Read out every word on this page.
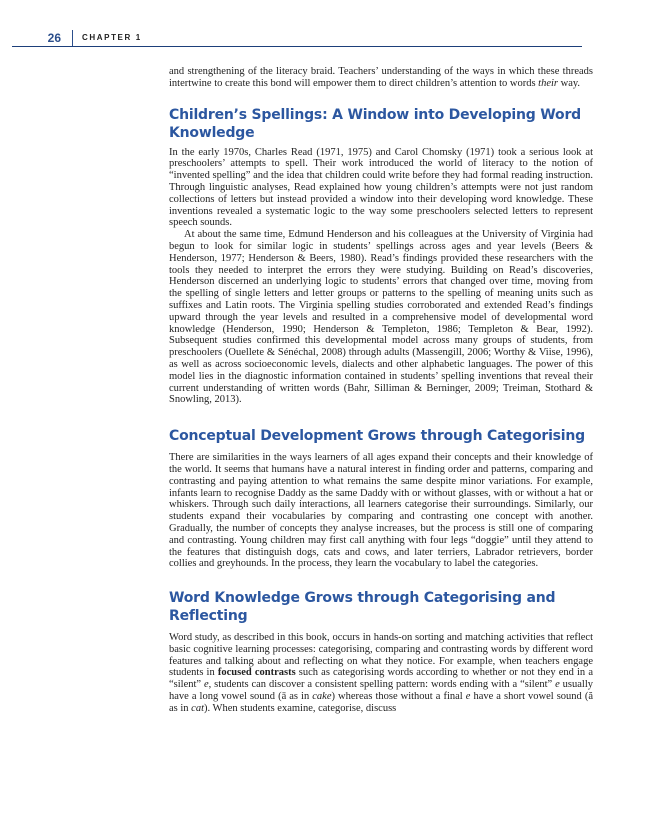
26	CHAPTER 1

and strengthening of the literacy braid. Teachers’ understanding of the ways in which these threads intertwine to create this bond will empower them to direct children’s attention to words their way.

Children’s Spellings: A Window into Developing Word Knowledge

In the early 1970s, Charles Read (1971, 1975) and Carol Chomsky (1971) took a serious look at preschoolers’ attempts to spell. Their work introduced the world of literacy to the notion of “invented spelling” and the idea that children could write before they had formal reading instruction. Through linguistic analyses, Read explained how young children’s attempts were not just random collections of letters but instead provided a window into their developing word knowledge. These inventions revealed a systematic logic to the way some preschoolers selected letters to represent speech sounds.

At about the same time, Edmund Henderson and his colleagues at the University of Virginia had begun to look for similar logic in students’ spellings across ages and year levels (Beers & Henderson, 1977; Henderson & Beers, 1980). Read’s findings provided these researchers with the tools they needed to interpret the errors they were studying. Building on Read’s discoveries, Henderson discerned an underlying logic to students’ errors that changed over time, moving from the spelling of single letters and letter groups or patterns to the spelling of meaning units such as suffixes and Latin roots. The Virginia spelling studies corroborated and extended Read’s findings upward through the year levels and resulted in a comprehensive model of developmental word knowledge (Henderson, 1990; Henderson & Templeton, 1986; Templeton & Bear, 1992). Subsequent studies confirmed this developmental model across many groups of students, from preschoolers (Ouellete & Sénéchal, 2008) through adults (Massengill, 2006; Worthy & Viise, 1996), as well as across socioeconomic levels, dialects and other alphabetic languages. The power of this model lies in the diagnostic information contained in students’ spelling inventions that reveal their current understanding of written words (Bahr, Silliman & Berninger, 2009; Treiman, Stothard & Snowling, 2013).

Conceptual Development Grows through Categorising

There are similarities in the ways learners of all ages expand their concepts and their knowledge of the world. It seems that humans have a natural interest in finding order and patterns, comparing and contrasting and paying attention to what remains the same despite minor variations. For example, infants learn to recognise Daddy as the same Daddy with or without glasses, with or without a hat or whiskers. Through such daily interactions, all learners categorise their surroundings. Similarly, our students expand their vocabularies by comparing and contrasting one concept with another. Gradually, the number of concepts they analyse increases, but the process is still one of comparing and contrasting. Young children may first call anything with four legs “doggie” until they attend to the features that distinguish dogs, cats and cows, and later terriers, Labrador retrievers, border collies and greyhounds. In the process, they learn the vocabulary to label the categories.

Word Knowledge Grows through Categorising and Reflecting

Word study, as described in this book, occurs in hands-on sorting and matching activities that reflect basic cognitive learning processes: categorising, comparing and contrasting words by different word features and talking about and reflecting on what they notice. For example, when teachers engage students in focused contrasts such as categorising words according to whether or not they end in a “silent” e, students can discover a consistent spelling pattern: words ending with a “silent” e usually have a long vowel sound (ā as in cake) whereas those without a final e have a short vowel sound (ă as in cat). When students examine, categorise, discuss
